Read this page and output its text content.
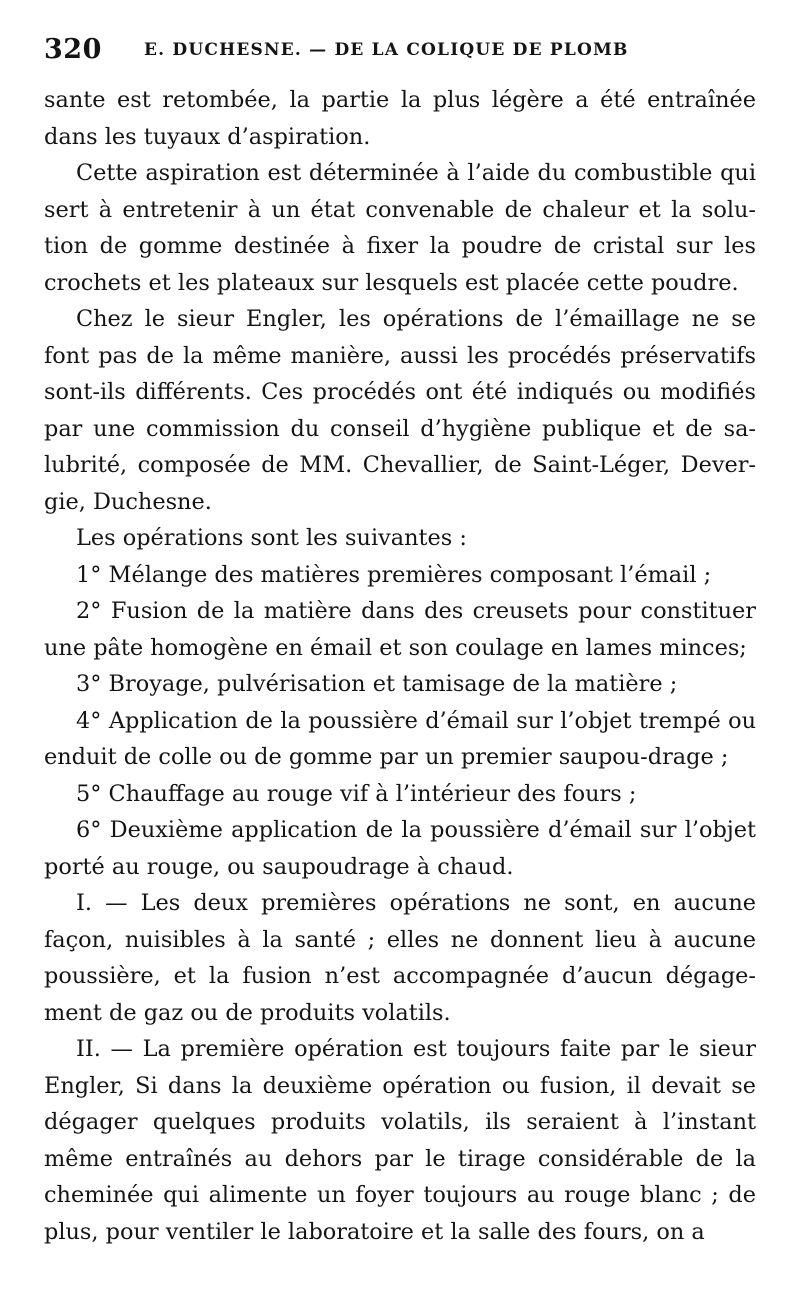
320 E. DUCHESNE. — DE LA COLIQUE DE PLOMB

sante est retombée, la partie la plus légère a été entraînée dans les tuyaux d’aspiration.

Cette aspiration est déterminée à l’aide du combustible qui sert à entretenir à un état convenable de chaleur et la solu-tion de gomme destinée à fixer la poudre de cristal sur les crochets et les plateaux sur lesquels est placée cette poudre.

Chez le sieur Engler, les opérations de l’émaillage ne se font pas de la même manière, aussi les procédés préservatifs sont-ils différents. Ces procédés ont été indiqués ou modifiés par une commission du conseil d’hygiène publique et de sa-lubrité, composée de MM. Chevallier, de Saint-Léger, Dever-gie, Duchesne.

Les opérations sont les suivantes :

1° Mélange des matières premières composant l’émail ;

2° Fusion de la matière dans des creusets pour constituer une pâte homogène en émail et son coulage en lames minces;

3° Broyage, pulvérisation et tamisage de la matière ;

4° Application de la poussière d’émail sur l’objet trempé ou enduit de colle ou de gomme par un premier saupou-drage ;

5° Chauffage au rouge vif à l’intérieur des fours ;

6° Deuxième application de la poussière d’émail sur l’objet porté au rouge, ou saupoudrage à chaud.

I. — Les deux premières opérations ne sont, en aucune façon, nuisibles à la santé ; elles ne donnent lieu à aucune poussière, et la fusion n’est accompagnée d’aucun dégage-ment de gaz ou de produits volatils.

II. — La première opération est toujours faite par le sieur Engler, Si dans la deuxième opération ou fusion, il devait se dégager quelques produits volatils, ils seraient à l’instant même entraînés au dehors par le tirage considérable de la cheminée qui alimente un foyer toujours au rouge blanc ; de plus, pour ventiler le laboratoire et la salle des fours, on a
